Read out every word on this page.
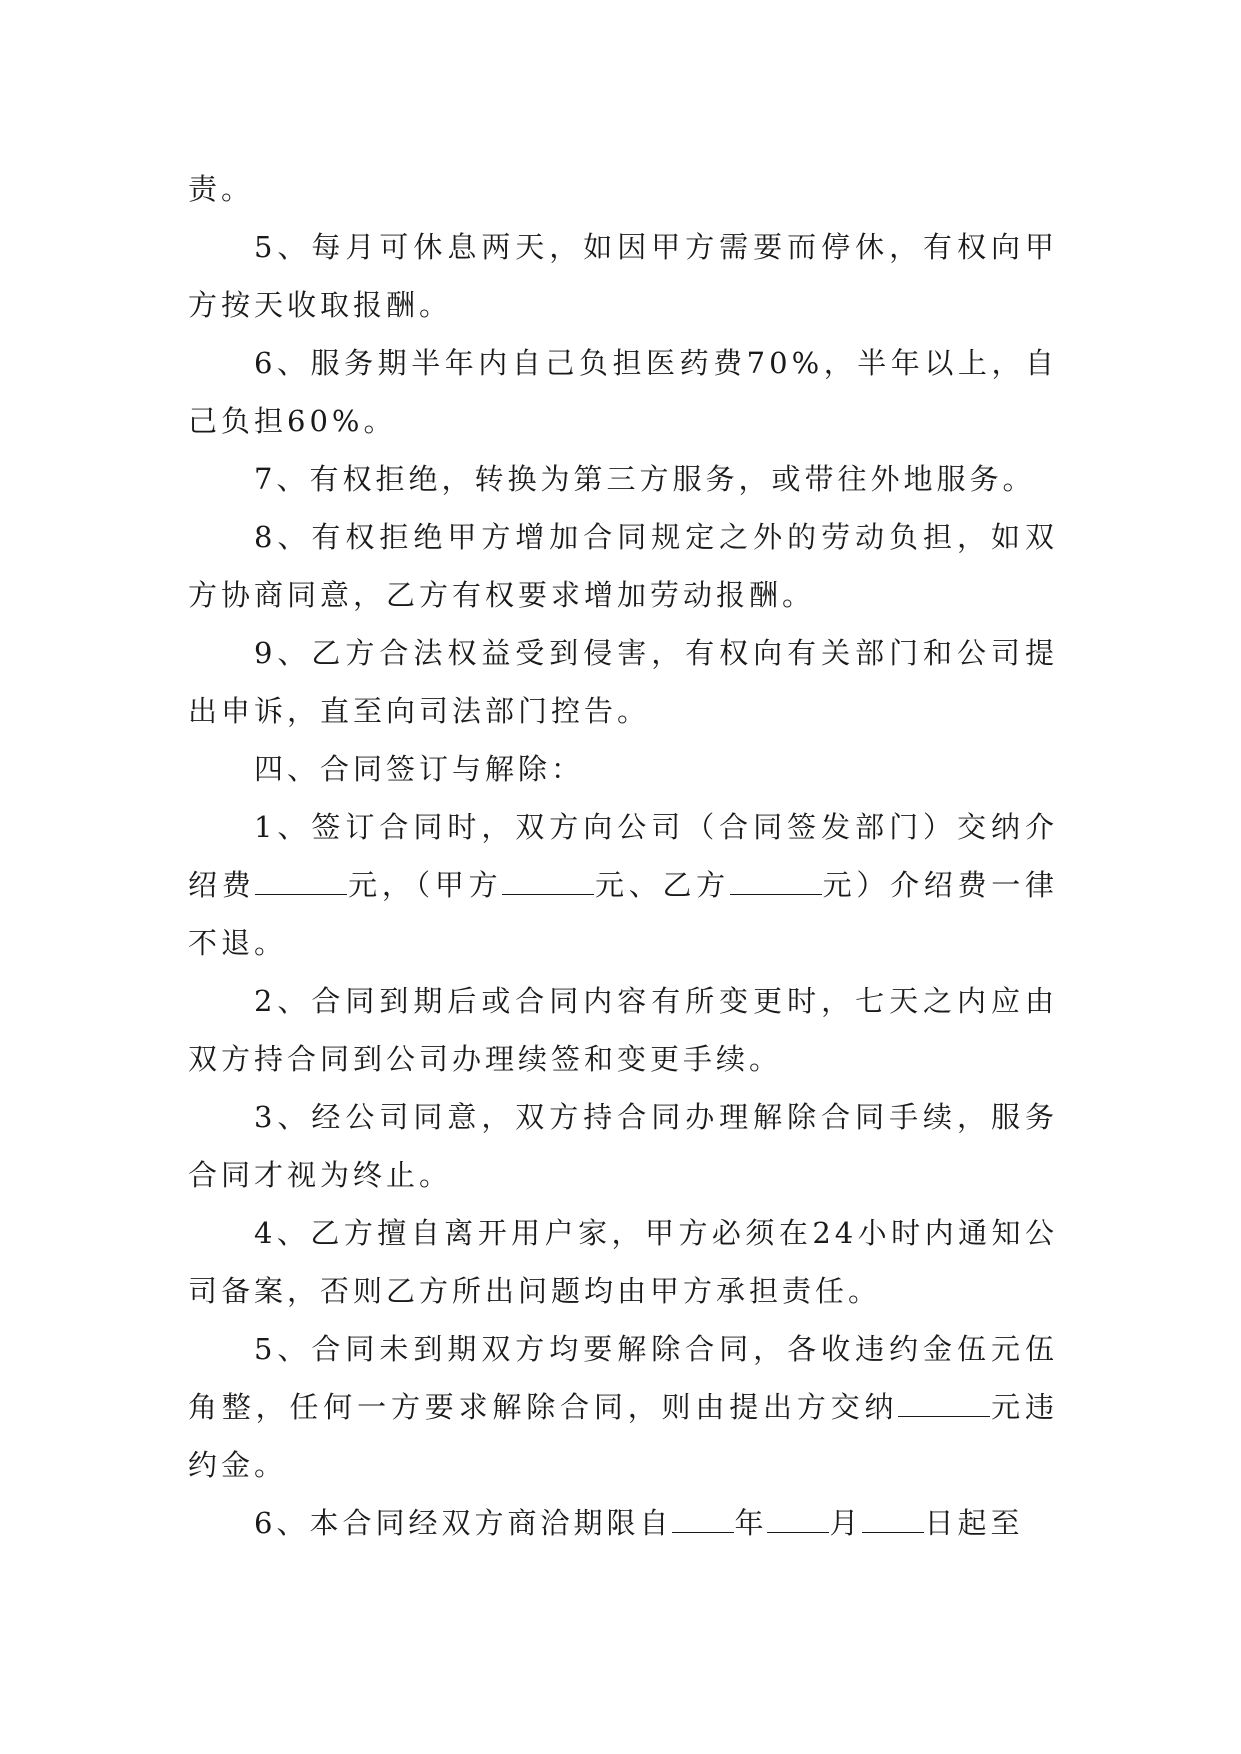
责。

5、每月可休息两天，如因甲方需要而停休，有权向甲方按天收取报酬。

6、服务期半年内自己负担医药费70%，半年以上，自己负担60%。

7、有权拒绝，转换为第三方服务，或带往外地服务。

8、有权拒绝甲方增加合同规定之外的劳动负担，如双方协商同意，乙方有权要求增加劳动报酬。

9、乙方合法权益受到侵害，有权向有关部门和公司提出申诉，直至向司法部门控告。

四、合同签订与解除：

1、签订合同时，双方向公司（合同签发部门）交纳介绍费	元，（甲方	元、乙方	元）介绍费一律不退。

2、合同到期后或合同内容有所变更时，七天之内应由双方持合同到公司办理续签和变更手续。

3、经公司同意，双方持合同办理解除合同手续，服务合同才视为终止。

4、乙方擅自离开用户家，甲方必须在24小时内通知公司备案，否则乙方所出问题均由甲方承担责任。

5、合同未到期双方均要解除合同，各收违约金伍元伍角整，任何一方要求解除合同，则由提出方交纳	元违约金。

6、本合同经双方商洽期限自 年 月 日起至
